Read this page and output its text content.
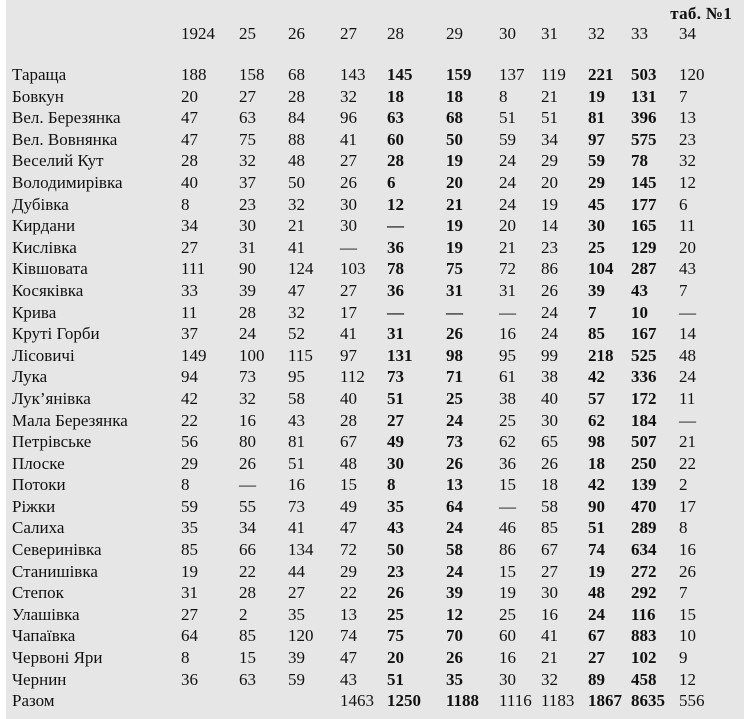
таб. №1
	1924	25	26	27	28	29	30	31	32	33	34

Тараща	188	158	68	143	145	159	137	119	221	503	120
Бовкун	20	27	28	32	18	18	8	21	19	131	7
Вел. Березянка	47	63	84	96	63	68	51	51	81	396	13
Вел. Вовнянка	47	75	88	41	60	50	59	34	97	575	23
Веселий Кут	28	32	48	27	28	19	24	29	59	78	32
Володимирівка	40	37	50	26	6	20	24	20	29	145	12
Дубівка	8	23	32	30	12	21	24	19	45	177	6
Кирдани	34	30	21	30	—	19	20	14	30	165	11
Кислівка	27	31	41	—	36	19	21	23	25	129	20
Ківшовата	111	90	124	103	78	75	72	86	104	287	43
Косяківка	33	39	47	27	36	31	31	26	39	43	7
Крива	11	28	32	17	—	—	—	24	7	10	—
Круті Горби	37	24	52	41	31	26	16	24	85	167	14
Лісовичі	149	100	115	97	131	98	95	99	218	525	48
Лука	94	73	95	112	73	71	61	38	42	336	24
Лук’янівка	42	32	58	40	51	25	38	40	57	172	11
Мала Березянка	22	16	43	28	27	24	25	30	62	184	—
Петрівське	56	80	81	67	49	73	62	65	98	507	21
Плоске	29	26	51	48	30	26	36	26	18	250	22
Потоки	8	—	16	15	8	13	15	18	42	139	2
Ріжки	59	55	73	49	35	64	—	58	90	470	17
Салиха	35	34	41	47	43	24	46	85	51	289	8
Северинівка	85	66	134	72	50	58	86	67	74	634	16
Станишівка	19	22	44	29	23	24	15	27	19	272	26
Степок	31	28	27	22	26	39	19	30	48	292	7
Улашівка	27	2	35	13	25	12	25	16	24	116	15
Чапаївка	64	85	120	74	75	70	60	41	67	883	10
Червоні Яри	8	15	39	47	20	26	16	21	27	102	9
Чернин	36	63	59	43	51	35	30	32	89	458	12
Разом				1463	1250	1188	1116	1183	1867	8635	556
